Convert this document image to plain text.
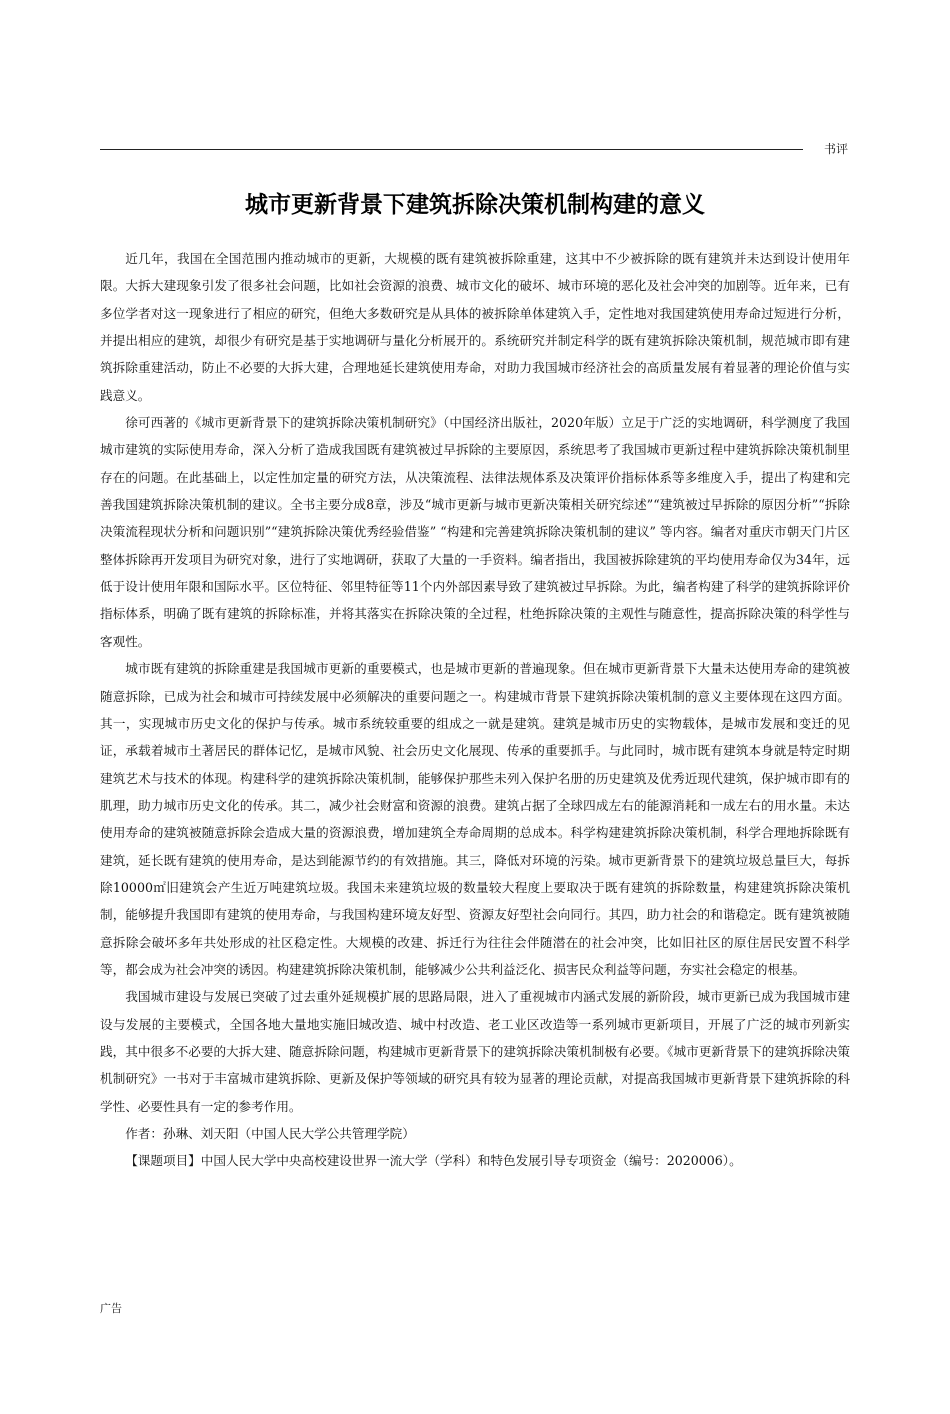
书评
城市更新背景下建筑拆除决策机制构建的意义

近几年，我国在全国范围内推动城市的更新，大规模的既有建筑被拆除重建，这其中不少被拆除的既有建筑并未达到设计使用年限。大拆大建现象引发了很多社会问题，比如社会资源的浪费、城市文化的破坏、城市环境的恶化及社会冲突的加剧等。近年来，已有多位学者对这一现象进行了相应的研究，但绝大多数研究是从具体的被拆除单体建筑入手，定性地对我国建筑使用寿命过短进行分析，并提出相应的建筑，却很少有研究是基于实地调研与量化分析展开的。系统研究并制定科学的既有建筑拆除决策机制，规范城市即有建筑拆除重建活动，防止不必要的大拆大建，合理地延长建筑使用寿命，对助力我国城市经济社会的高质量发展有着显著的理论价值与实践意义。

徐可西著的《城市更新背景下的建筑拆除决策机制研究》（中国经济出版社，2020年版）立足于广泛的实地调研，科学测度了我国城市建筑的实际使用寿命，深入分析了造成我国既有建筑被过早拆除的主要原因，系统思考了我国城市更新过程中建筑拆除决策机制里存在的问题。在此基础上，以定性加定量的研究方法，从决策流程、法律法规体系及决策评价指标体系等多维度入手，提出了构建和完善我国建筑拆除决策机制的建议。全书主要分成8章，涉及“城市更新与城市更新决策相关研究综述”“建筑被过早拆除的原因分析”“拆除决策流程现状分析和问题识别”“建筑拆除决策优秀经验借鉴” “构建和完善建筑拆除决策机制的建议” 等内容。编者对重庆市朝天门片区整体拆除再开发项目为研究对象，进行了实地调研，获取了大量的一手资料。编者指出，我国被拆除建筑的平均使用寿命仅为34年，远低于设计使用年限和国际水平。区位特征、邻里特征等11个内外部因素导致了建筑被过早拆除。为此，编者构建了科学的建筑拆除评价指标体系，明确了既有建筑的拆除标准，并将其落实在拆除决策的全过程，杜绝拆除决策的主观性与随意性，提高拆除决策的科学性与客观性。

城市既有建筑的拆除重建是我国城市更新的重要模式，也是城市更新的普遍现象。但在城市更新背景下大量未达使用寿命的建筑被随意拆除，已成为社会和城市可持续发展中必须解决的重要问题之一。构建城市背景下建筑拆除决策机制的意义主要体现在这四方面。其一，实现城市历史文化的保护与传承。城市系统较重要的组成之一就是建筑。建筑是城市历史的实物载体，是城市发展和变迁的见证，承载着城市土著居民的群体记忆，是城市风貌、社会历史文化展现、传承的重要抓手。与此同时，城市既有建筑本身就是特定时期建筑艺术与技术的体现。构建科学的建筑拆除决策机制，能够保护那些未列入保护名册的历史建筑及优秀近现代建筑，保护城市即有的肌理，助力城市历史文化的传承。其二，减少社会财富和资源的浪费。建筑占据了全球四成左右的能源消耗和一成左右的用水量。未达使用寿命的建筑被随意拆除会造成大量的资源浪费，增加建筑全寿命周期的总成本。科学构建建筑拆除决策机制，科学合理地拆除既有建筑，延长既有建筑的使用寿命，是达到能源节约的有效措施。其三，降低对环境的污染。城市更新背景下的建筑垃圾总量巨大，每拆除10000㎡旧建筑会产生近万吨建筑垃圾。我国未来建筑垃圾的数量较大程度上要取决于既有建筑的拆除数量，构建建筑拆除决策机制，能够提升我国即有建筑的使用寿命，与我国构建环境友好型、资源友好型社会向同行。其四，助力社会的和谐稳定。既有建筑被随意拆除会破坏多年共处形成的社区稳定性。大规模的改建、拆迁行为往往会伴随潜在的社会冲突，比如旧社区的原住居民安置不科学等，都会成为社会冲突的诱因。构建建筑拆除决策机制，能够减少公共利益泛化、损害民众利益等问题，夯实社会稳定的根基。

我国城市建设与发展已突破了过去重外延规模扩展的思路局限，进入了重视城市内涵式发展的新阶段，城市更新已成为我国城市建设与发展的主要模式，全国各地大量地实施旧城改造、城中村改造、老工业区改造等一系列城市更新项目，开展了广泛的城市列新实践，其中很多不必要的大拆大建、随意拆除问题，构建城市更新背景下的建筑拆除决策机制极有必要。《城市更新背景下的建筑拆除决策机制研究》一书对于丰富城市建筑拆除、更新及保护等领域的研究具有较为显著的理论贡献，对提高我国城市更新背景下建筑拆除的科学性、必要性具有一定的参考作用。

作者：孙琳、刘天阳（中国人民大学公共管理学院）

【课题项目】中国人民大学中央高校建设世界一流大学（学科）和特色发展引导专项资金（编号：2020006）。

广告
